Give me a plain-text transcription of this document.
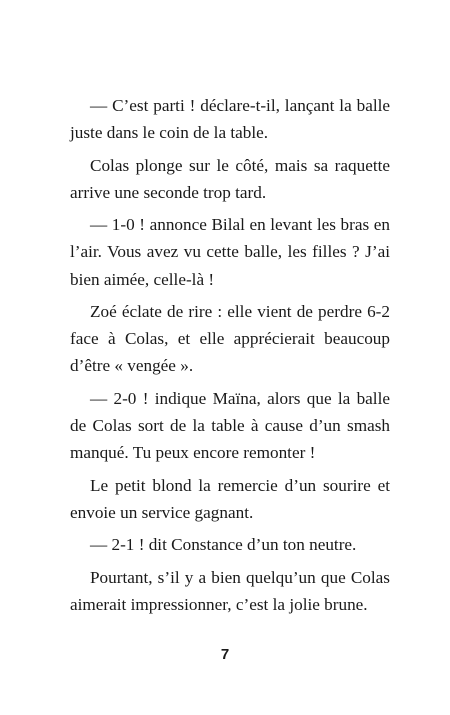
— C’est parti ! déclare-t-il, lançant la balle juste dans le coin de la table.

Colas plonge sur le côté, mais sa raquette arrive une seconde trop tard.

— 1-0 ! annonce Bilal en levant les bras en l’air. Vous avez vu cette balle, les filles ? J’ai bien aimée, celle-là !

Zoé éclate de rire : elle vient de perdre 6-2 face à Colas, et elle apprécierait beaucoup d’être « vengée ».

— 2-0 ! indique Maïna, alors que la balle de Colas sort de la table à cause d’un smash manqué. Tu peux encore remonter !

Le petit blond la remercie d’un sourire et envoie un service gagnant.

— 2-1 ! dit Constance d’un ton neutre.

Pourtant, s’il y a bien quelqu’un que Colas aimerait impressionner, c’est la jolie brune.

7
